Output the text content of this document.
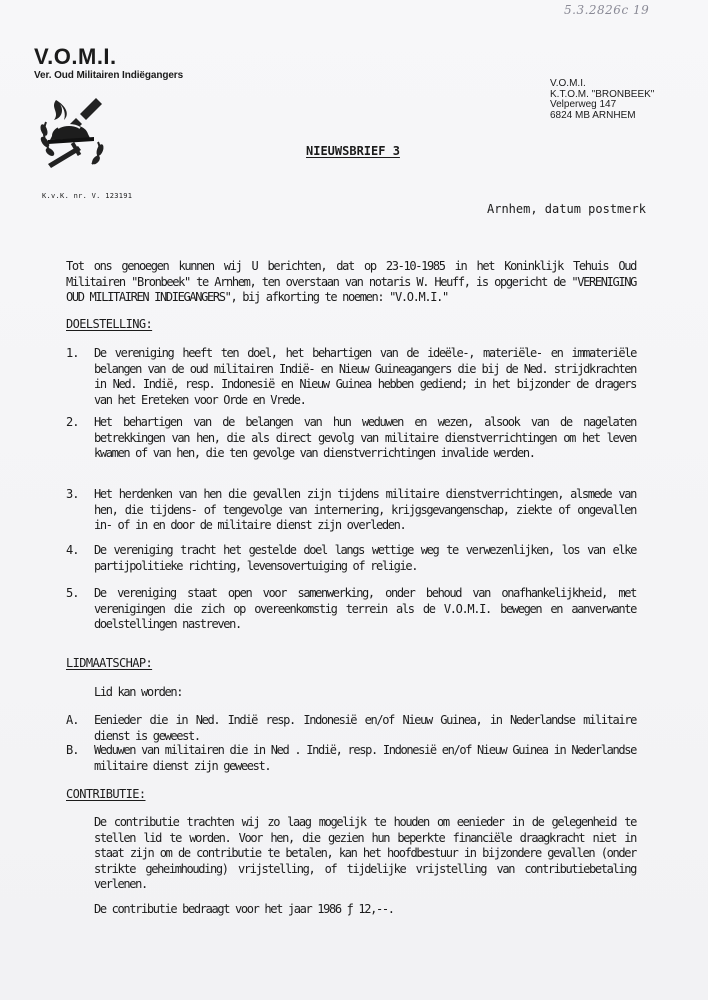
5.3.2826c 19
V.O.M.I.
Ver. Oud Militairen Indiëgangers
K.v.K. nr. V. 123191
V.O.M.I.
K.T.O.M. "BRONBEEK"
Velperweg 147
6824 MB ARNHEM
NIEUWSBRIEF 3
Arnhem, datum postmerk
Tot ons genoegen kunnen wij U berichten, dat op 23-10-1985 in het Koninklijk Tehuis Oud Militairen "Bronbeek" te Arnhem, ten overstaan van notaris W. Heuff, is opgericht de "VERENIGING OUD MILITAIREN INDIEGANGERS", bij afkorting te noemen: "V.O.M.I."
DOELSTELLING:
1. De vereniging heeft ten doel, het behartigen van de ideële-, materiële- en immateriële belangen van de oud militairen Indië- en Nieuw Guineagangers die bij de Ned. strijdkrachten in Ned. Indië, resp. Indonesië en Nieuw Guinea hebben gediend; in het bijzonder de dragers van het Ereteken voor Orde en Vrede.
2. Het behartigen van de belangen van hun weduwen en wezen, alsook van de nagelaten betrekkingen van hen, die als direct gevolg van militaire dienstverrichtingen om het leven kwamen of van hen, die ten gevolge van dienstverrichtingen invalide werden.
3. Het herdenken van hen die gevallen zijn tijdens militaire dienstverrichtingen, alsmede van hen, die tijdens- of tengevolge van internering, krijgsgevangenschap, ziekte of ongevallen in- of in en door de militaire dienst zijn overleden.
4. De vereniging tracht het gestelde doel langs wettige weg te verwezenlijken, los van elke partijpolitieke richting, levensovertuiging of religie.
5. De vereniging staat open voor samenwerking, onder behoud van onafhankelijkheid, met verenigingen die zich op overeenkomstig terrein als de V.O.M.I. bewegen en aanverwante doelstellingen nastreven.
LIDMAATSCHAP:
Lid kan worden:
A. Eenieder die in Ned. Indië resp. Indonesië en/of Nieuw Guinea, in Nederlandse militaire dienst is geweest.
B. Weduwen van militairen die in Ned . Indië, resp. Indonesië en/of Nieuw Guinea in Nederlandse militaire dienst zijn geweest.
CONTRIBUTIE:
De contributie trachten wij zo laag mogelijk te houden om eenieder in de gelegenheid te stellen lid te worden. Voor hen, die gezien hun beperkte financiële draagkracht niet in staat zijn om de contributie te betalen, kan het hoofdbestuur in bijzondere gevallen (onder strikte geheimhouding) vrijstelling, of tijdelijke vrijstelling van contributiebetaling verlenen.
De contributie bedraagt voor het jaar 1986 ƒ 12,--.
